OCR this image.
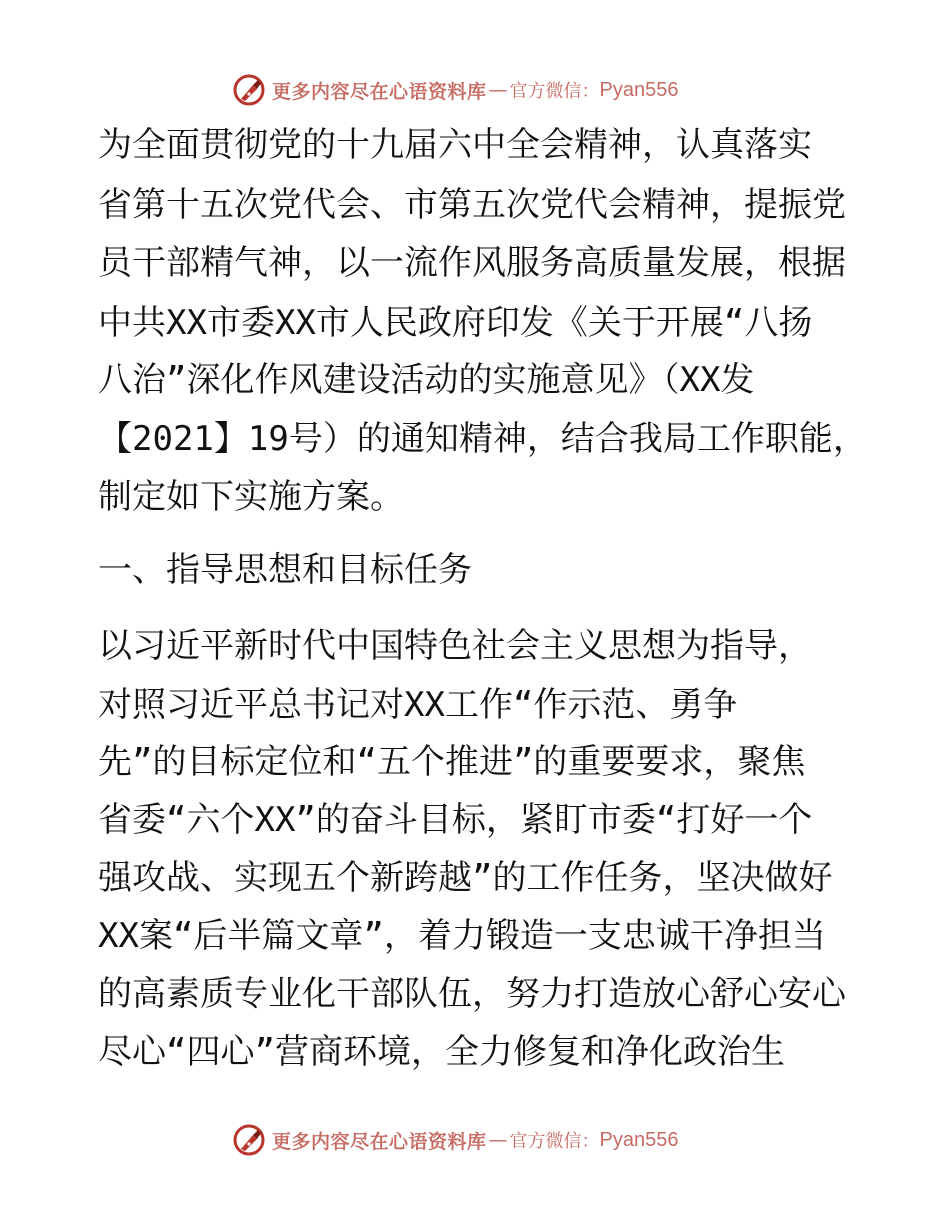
更多内容尽在心语资料库 — 官方微信： Pyan556
为全面贯彻党的十九届六中全会精神，认真落实
省第十五次党代会、市第五次党代会精神，提振党
员干部精气神，以一流作风服务高质量发展，根据
中共XX市委XX市人民政府印发《关于开展“八扬
八治”深化作风建设活动的实施意见》（XX发
【2021】19号）的通知精神，结合我局工作职能，
制定如下实施方案。
一、指导思想和目标任务
以习近平新时代中国特色社会主义思想为指导，
对照习近平总书记对XX工作“作示范、勇争
先”的目标定位和“五个推进”的重要要求，聚焦
省委“六个XX”的奋斗目标，紧盯市委“打好一个
强攻战、实现五个新跨越”的工作任务，坚决做好
XX案“后半篇文章”，着力锻造一支忠诚干净担当
的高素质专业化干部队伍，努力打造放心舒心安心
尽心“四心”营商环境，全力修复和净化政治生
更多内容尽在心语资料库 — 官方微信： Pyan556
